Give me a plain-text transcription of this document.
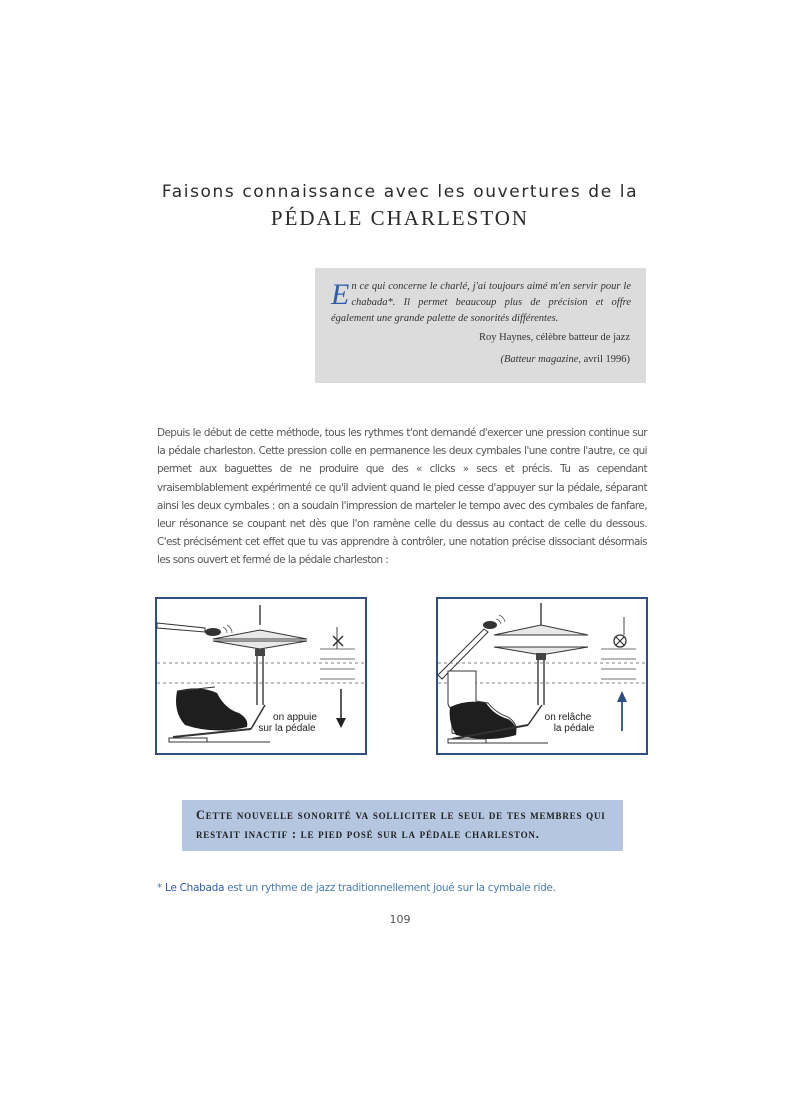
Faisons connaissance avec les ouvertures de la
PÉDALE CHARLESTON
En ce qui concerne le charlé, j'ai toujours aimé m'en servir pour le chabada*. Il permet beaucoup plus de précision et offre également une grande palette de sonorités différentes.
Roy Haynes, célèbre batteur de jazz
(Batteur magazine, avril 1996)
Depuis le début de cette méthode, tous les rythmes t'ont demandé d'exercer une pression continue sur la pédale charleston. Cette pression colle en permanence les deux cymbales l'une contre l'autre, ce qui permet aux baguettes de ne produire que des « clicks » secs et précis. Tu as cependant vraisemblablement expérimenté ce qu'il advient quand le pied cesse d'appuyer sur la pédale, séparant ainsi les deux cymbales : on a soudain l'impression de marteler le tempo avec des cymbales de fanfare, leur résonance se coupant net dès que l'on ramène celle du dessus au contact de celle du dessous. C'est précisément cet effet que tu vas apprendre à contrôler, une notation précise dissociant désormais les sons ouvert et fermé de la pédale charleston :
on appuie
sur la pédale
on relâche
la pédale
Cette nouvelle sonorité va solliciter le seul de tes membres qui restait inactif : le pied posé sur la pédale charleston.
* Le Chabada est un rythme de jazz traditionnellement joué sur la cymbale ride.
109
